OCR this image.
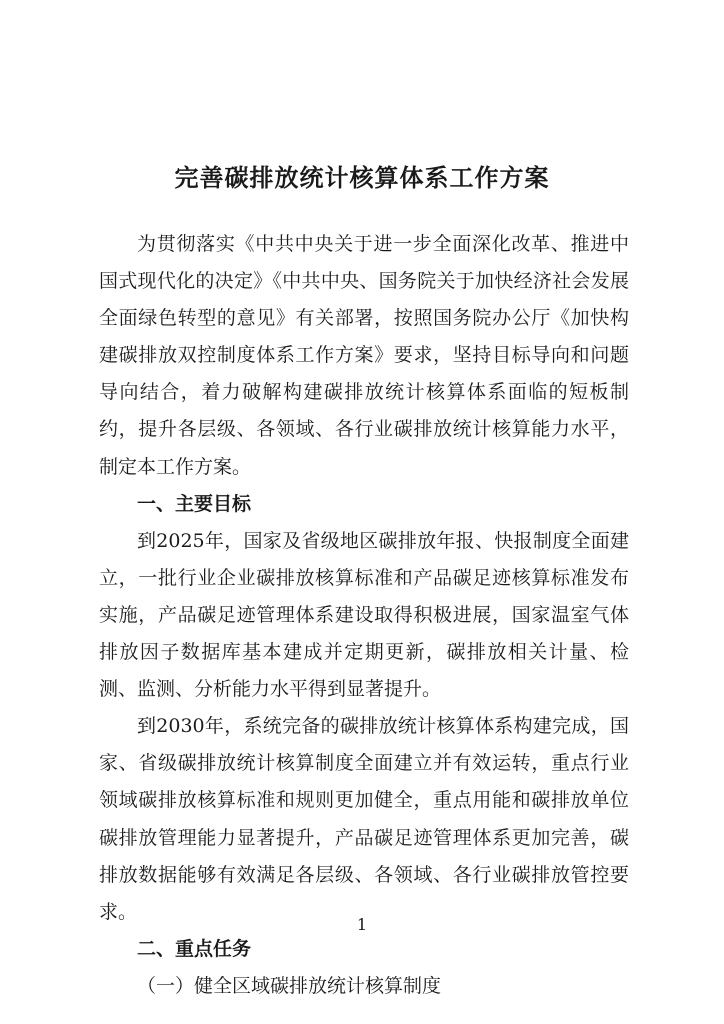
完善碳排放统计核算体系工作方案

为贯彻落实《中共中央关于进一步全面深化改革、推进中国式现代化的决定》《中共中央、国务院关于加快经济社会发展全面绿色转型的意见》有关部署，按照国务院办公厅《加快构建碳排放双控制度体系工作方案》要求，坚持目标导向和问题导向结合，着力破解构建碳排放统计核算体系面临的短板制约，提升各层级、各领域、各行业碳排放统计核算能力水平，制定本工作方案。

一、主要目标

到2025年，国家及省级地区碳排放年报、快报制度全面建立，一批行业企业碳排放核算标准和产品碳足迹核算标准发布实施，产品碳足迹管理体系建设取得积极进展，国家温室气体排放因子数据库基本建成并定期更新，碳排放相关计量、检测、监测、分析能力水平得到显著提升。

到2030年，系统完备的碳排放统计核算体系构建完成，国家、省级碳排放统计核算制度全面建立并有效运转，重点行业领域碳排放核算标准和规则更加健全，重点用能和碳排放单位碳排放管理能力显著提升，产品碳足迹管理体系更加完善，碳排放数据能够有效满足各层级、各领域、各行业碳排放管控要求。

二、重点任务

（一）健全区域碳排放统计核算制度

1
